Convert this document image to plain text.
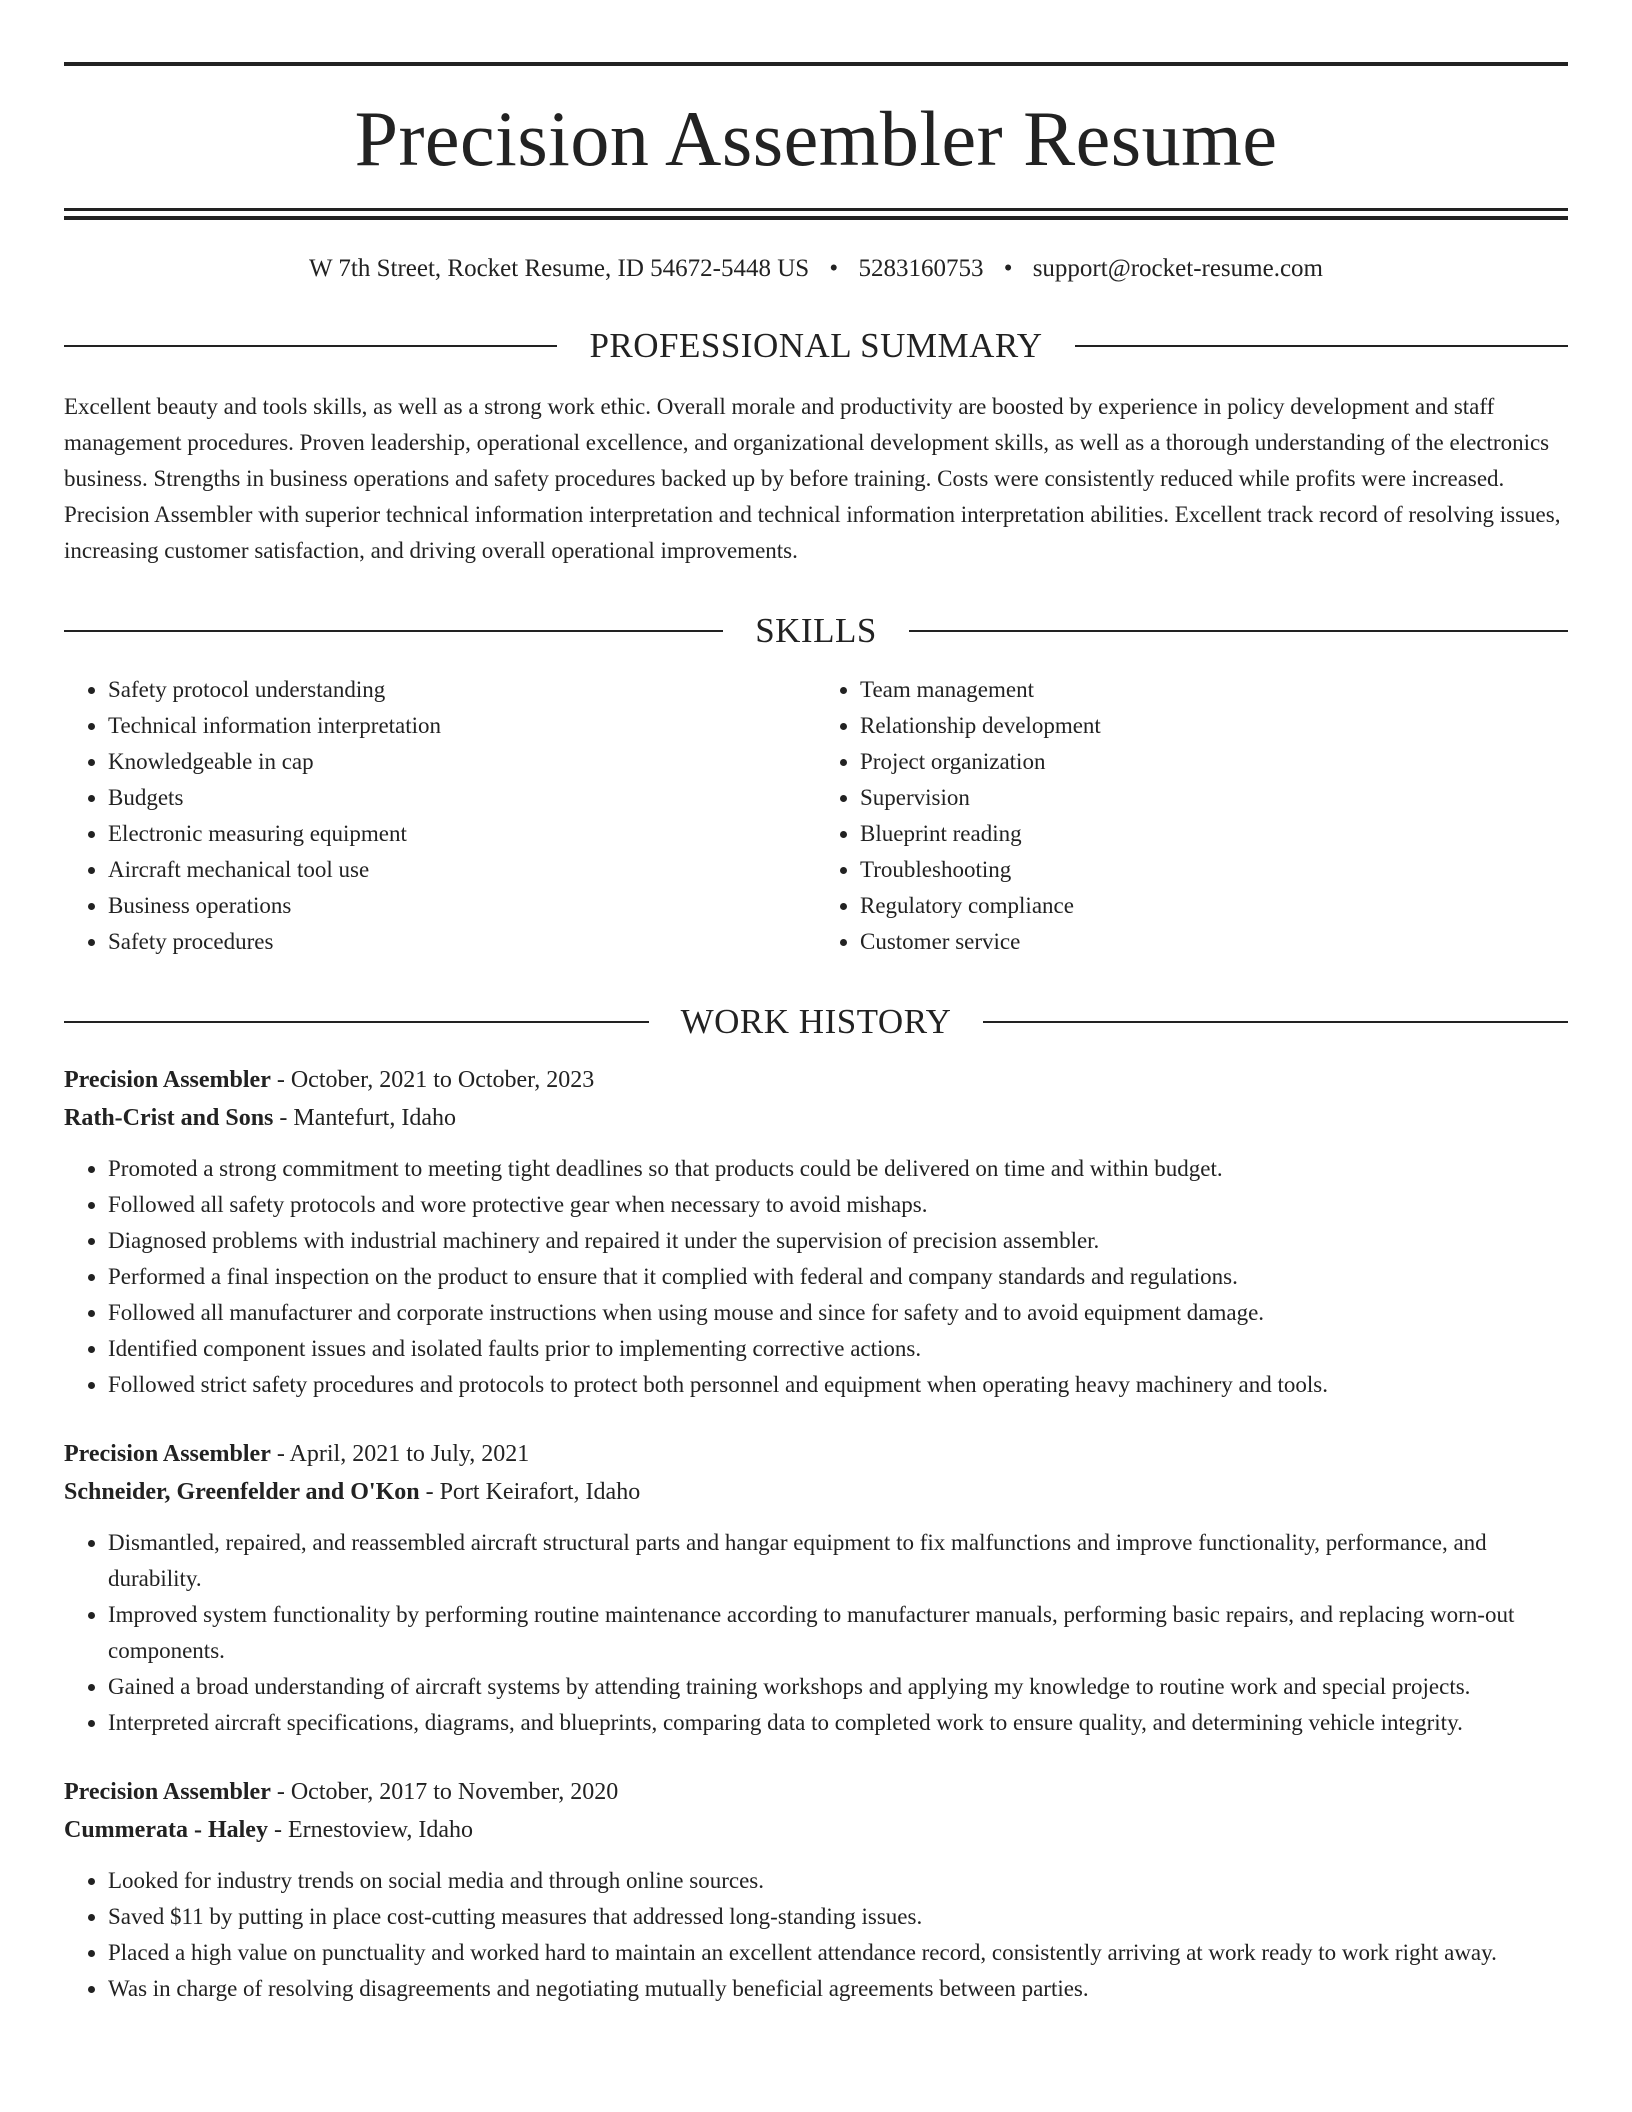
Precision Assembler Resume
W 7th Street, Rocket Resume, ID 54672-5448 US • 5283160753 • support@rocket-resume.com
PROFESSIONAL SUMMARY
Excellent beauty and tools skills, as well as a strong work ethic. Overall morale and productivity are boosted by experience in policy development and staff management procedures. Proven leadership, operational excellence, and organizational development skills, as well as a thorough understanding of the electronics business. Strengths in business operations and safety procedures backed up by before training. Costs were consistently reduced while profits were increased. Precision Assembler with superior technical information interpretation and technical information interpretation abilities. Excellent track record of resolving issues, increasing customer satisfaction, and driving overall operational improvements.
SKILLS
• Safety protocol understanding
• Technical information interpretation
• Knowledgeable in cap
• Budgets
• Electronic measuring equipment
• Aircraft mechanical tool use
• Business operations
• Safety procedures
• Team management
• Relationship development
• Project organization
• Supervision
• Blueprint reading
• Troubleshooting
• Regulatory compliance
• Customer service
WORK HISTORY
Precision Assembler - October, 2021 to October, 2023
Rath-Crist and Sons - Mantefurt, Idaho
• Promoted a strong commitment to meeting tight deadlines so that products could be delivered on time and within budget.
• Followed all safety protocols and wore protective gear when necessary to avoid mishaps.
• Diagnosed problems with industrial machinery and repaired it under the supervision of precision assembler.
• Performed a final inspection on the product to ensure that it complied with federal and company standards and regulations.
• Followed all manufacturer and corporate instructions when using mouse and since for safety and to avoid equipment damage.
• Identified component issues and isolated faults prior to implementing corrective actions.
• Followed strict safety procedures and protocols to protect both personnel and equipment when operating heavy machinery and tools.
Precision Assembler - April, 2021 to July, 2021
Schneider, Greenfelder and O'Kon - Port Keirafort, Idaho
• Dismantled, repaired, and reassembled aircraft structural parts and hangar equipment to fix malfunctions and improve functionality, performance, and durability.
• Improved system functionality by performing routine maintenance according to manufacturer manuals, performing basic repairs, and replacing worn-out components.
• Gained a broad understanding of aircraft systems by attending training workshops and applying my knowledge to routine work and special projects.
• Interpreted aircraft specifications, diagrams, and blueprints, comparing data to completed work to ensure quality, and determining vehicle integrity.
Precision Assembler - October, 2017 to November, 2020
Cummerata - Haley - Ernestoview, Idaho
• Looked for industry trends on social media and through online sources.
• Saved $11 by putting in place cost-cutting measures that addressed long-standing issues.
• Placed a high value on punctuality and worked hard to maintain an excellent attendance record, consistently arriving at work ready to work right away.
• Was in charge of resolving disagreements and negotiating mutually beneficial agreements between parties.
